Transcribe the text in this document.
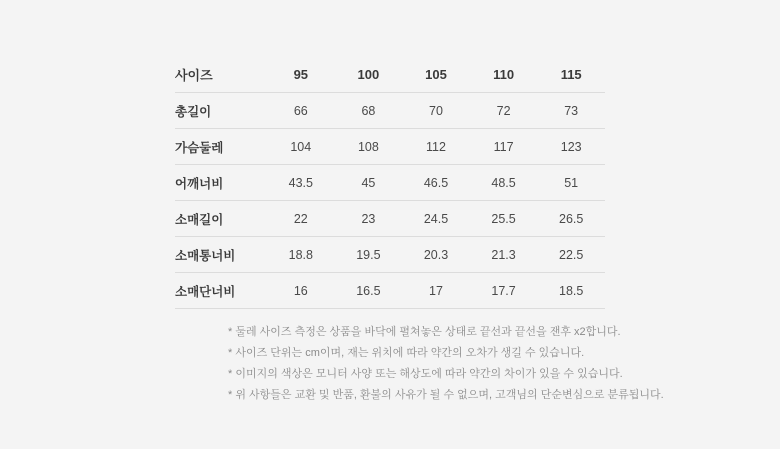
사이즈	95	100	105	110	115
총길이	66	68	70	72	73
가슴둘레	104	108	112	117	123
어깨너비	43.5	45	46.5	48.5	51
소매길이	22	23	24.5	25.5	26.5
소매통너비	18.8	19.5	20.3	21.3	22.5
소매단너비	16	16.5	17	17.7	18.5
* 둘레 사이즈 측정은 상품을 바닥에 펼쳐놓은 상태로 끝선과 끝선을 잰후 x2합니다.
* 사이즈 단위는 cm이며, 재는 위치에 따라 약간의 오차가 생길 수 있습니다.
* 이미지의 색상은 모니터 사양 또는 해상도에 따라 약간의 차이가 있을 수 있습니다.
* 위 사항들은 교환 및 반품, 환불의 사유가 될 수 없으며, 고객님의 단순변심으로 분류됩니다.
